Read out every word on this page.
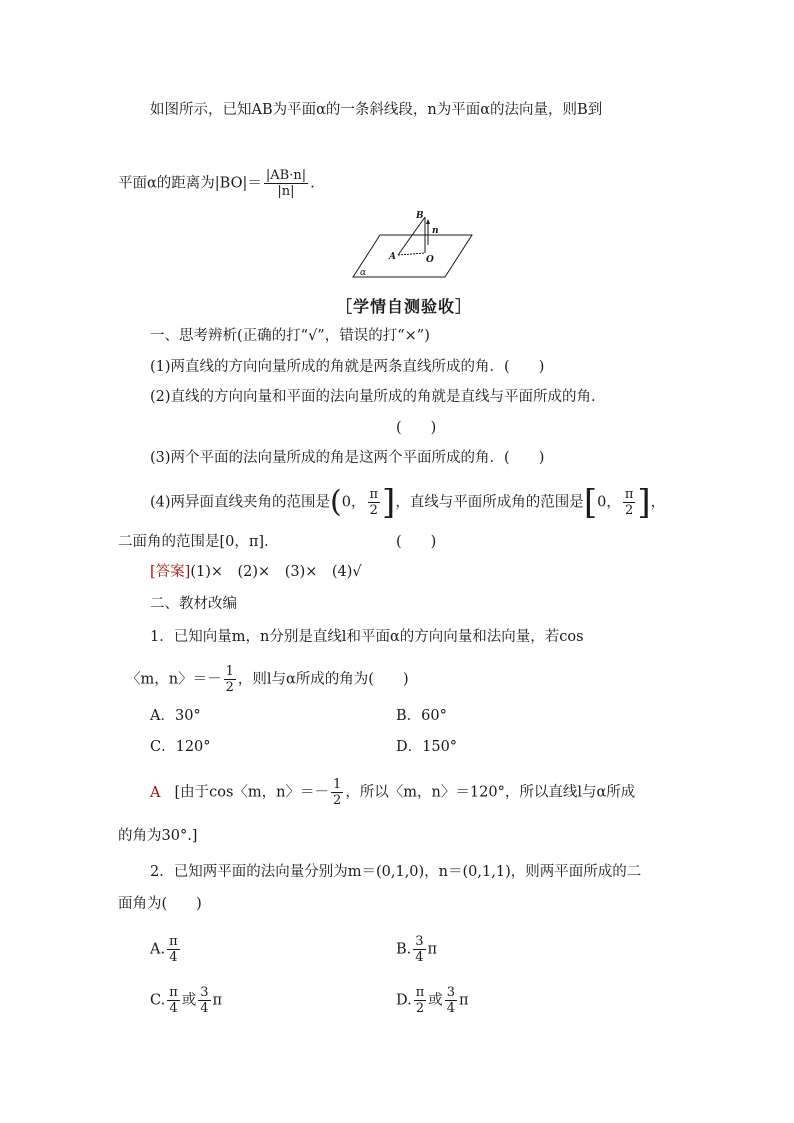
如图所示，已知AB为平面α的一条斜线段，n为平面α的法向量，则B到
平面α的距离为$|BO|= \frac{|AB\cdot n|}{|n|}$ .
B
n
A	O
α
［学情自测验收］
一、思考辨析(正确的打“√”，错误的打“×”)
(1)两直线的方向向量所成的角就是两条直线所成的角．(　　)
(2)直线的方向向量和平面的法向量所成的角就是直线与平面所成的角．
(　　)
(3)两个平面的法向量所成的角是这两个平面所成的角．(　　)
(4)两异面直线夹角的范围是(0， $\frac{\pi}{2}$ ]，直线与平面所成角的范围是[0， $\frac{\pi}{2}$ ]，
二面角的范围是[0，π]．	(　　)
[答案](1)×　(2)×　(3)×　(4)√
二、教材改编
1．已知向量m，n分别是直线l和平面α的方向向量和法向量，若cos
〈m，n〉＝－ $\frac{1}{2}$ ，则l与α所成的角为(　　)
A．30°	B．60°
C．120°	D．150°
A [由于cos〈m，n〉＝－ $\frac{1}{2}$ ，所以〈m，n〉＝120°，所以直线l与α所成
的角为30°.]
2．已知两平面的法向量分别为m＝(0,1,0)，n＝(0,1,1)，则两平面所成的二
面角为(　　)
A. $\frac{\pi}{4}$	B. $\frac{3}{4}$ π
C. $\frac{\pi}{4}$ 或 $\frac{3}{4}$ π	D. $\frac{\pi}{2}$ 或 $\frac{3}{4}$ π
